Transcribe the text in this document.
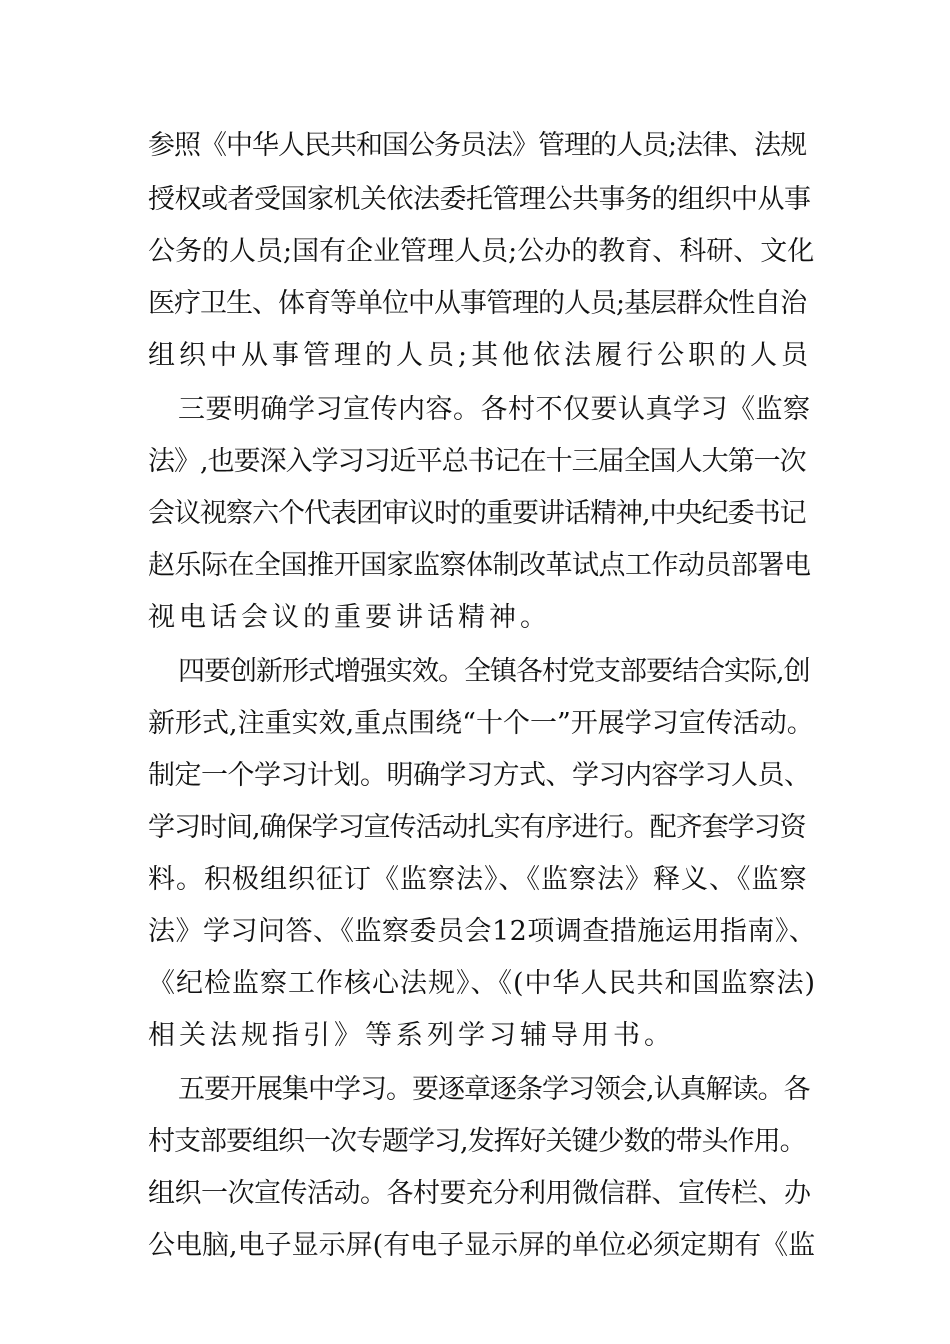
参照《中华人民共和国公务员法》管理的人员;法律、法规
授权或者受国家机关依法委托管理公共事务的组织中从事
公务的人员;国有企业管理人员;公办的教育、科研、文化
医疗卫生、体育等单位中从事管理的人员;基层群众性自治
组织中从事管理的人员;其他依法履行公职的人员
三要明确学习宣传内容。各村不仅要认真学习《监察
法》,也要深入学习习近平总书记在十三届全国人大第一次
会议视察六个代表团审议时的重要讲话精神,中央纪委书记
赵乐际在全国推开国家监察体制改革试点工作动员部署电
视电话会议的重要讲话精神。
四要创新形式增强实效。全镇各村党支部要结合实际,创
新形式,注重实效,重点围绕“十个一”开展学习宣传活动。
制定一个学习计划。明确学习方式、学习内容学习人员、
学习时间,确保学习宣传活动扎实有序进行。配齐套学习资
料。积极组织征订《监察法》、《监察法》释义、《监察
法》学习问答、《监察委员会12项调查措施运用指南》、
《纪检监察工作核心法规》、《(中华人民共和国监察法)
相关法规指引》等系列学习辅导用书。
五要开展集中学习。要逐章逐条学习领会,认真解读。各
村支部要组织一次专题学习,发挥好关键少数的带头作用。
组织一次宣传活动。各村要充分利用微信群、宣传栏、办
公电脑,电子显示屏(有电子显示屏的单位必须定期有《监
